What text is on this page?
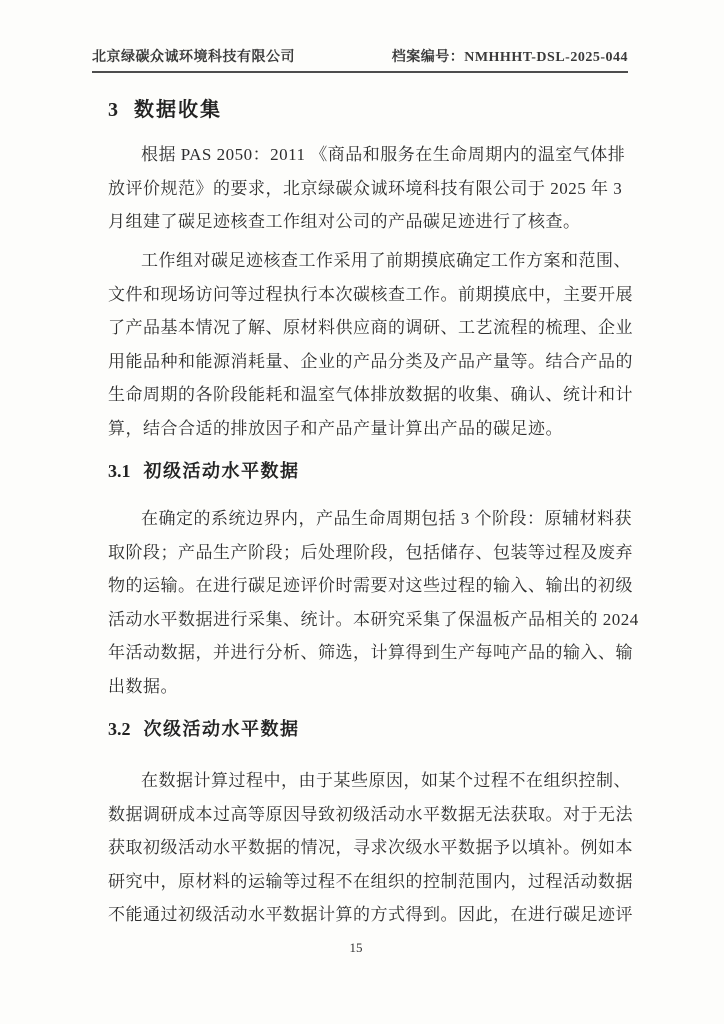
北京绿碳众诚环境科技有限公司	档案编号：NMHHHT-DSL-2025-044
3 数据收集
根据 PAS 2050：2011 《商品和服务在生命周期内的温室气体排
放评价规范》的要求，北京绿碳众诚环境科技有限公司于 2025 年 3
月组建了碳足迹核查工作组对公司的产品碳足迹进行了核查。
工作组对碳足迹核查工作采用了前期摸底确定工作方案和范围、
文件和现场访问等过程执行本次碳核查工作。前期摸底中，主要开展
了产品基本情况了解、原材料供应商的调研、工艺流程的梳理、企业
用能品种和能源消耗量、企业的产品分类及产品产量等。结合产品的
生命周期的各阶段能耗和温室气体排放数据的收集、确认、统计和计
算，结合合适的排放因子和产品产量计算出产品的碳足迹。
3.1 初级活动水平数据
在确定的系统边界内，产品生命周期包括 3 个阶段：原辅材料获
取阶段；产品生产阶段；后处理阶段，包括储存、包装等过程及废弃
物的运输。在进行碳足迹评价时需要对这些过程的输入、输出的初级
活动水平数据进行采集、统计。本研究采集了保温板产品相关的 2024
年活动数据，并进行分析、筛选，计算得到生产每吨产品的输入、输
出数据。
3.2 次级活动水平数据
在数据计算过程中，由于某些原因，如某个过程不在组织控制、
数据调研成本过高等原因导致初级活动水平数据无法获取。对于无法
获取初级活动水平数据的情况，寻求次级水平数据予以填补。例如本
研究中，原材料的运输等过程不在组织的控制范围内，过程活动数据
不能通过初级活动水平数据计算的方式得到。因此，在进行碳足迹评
15
